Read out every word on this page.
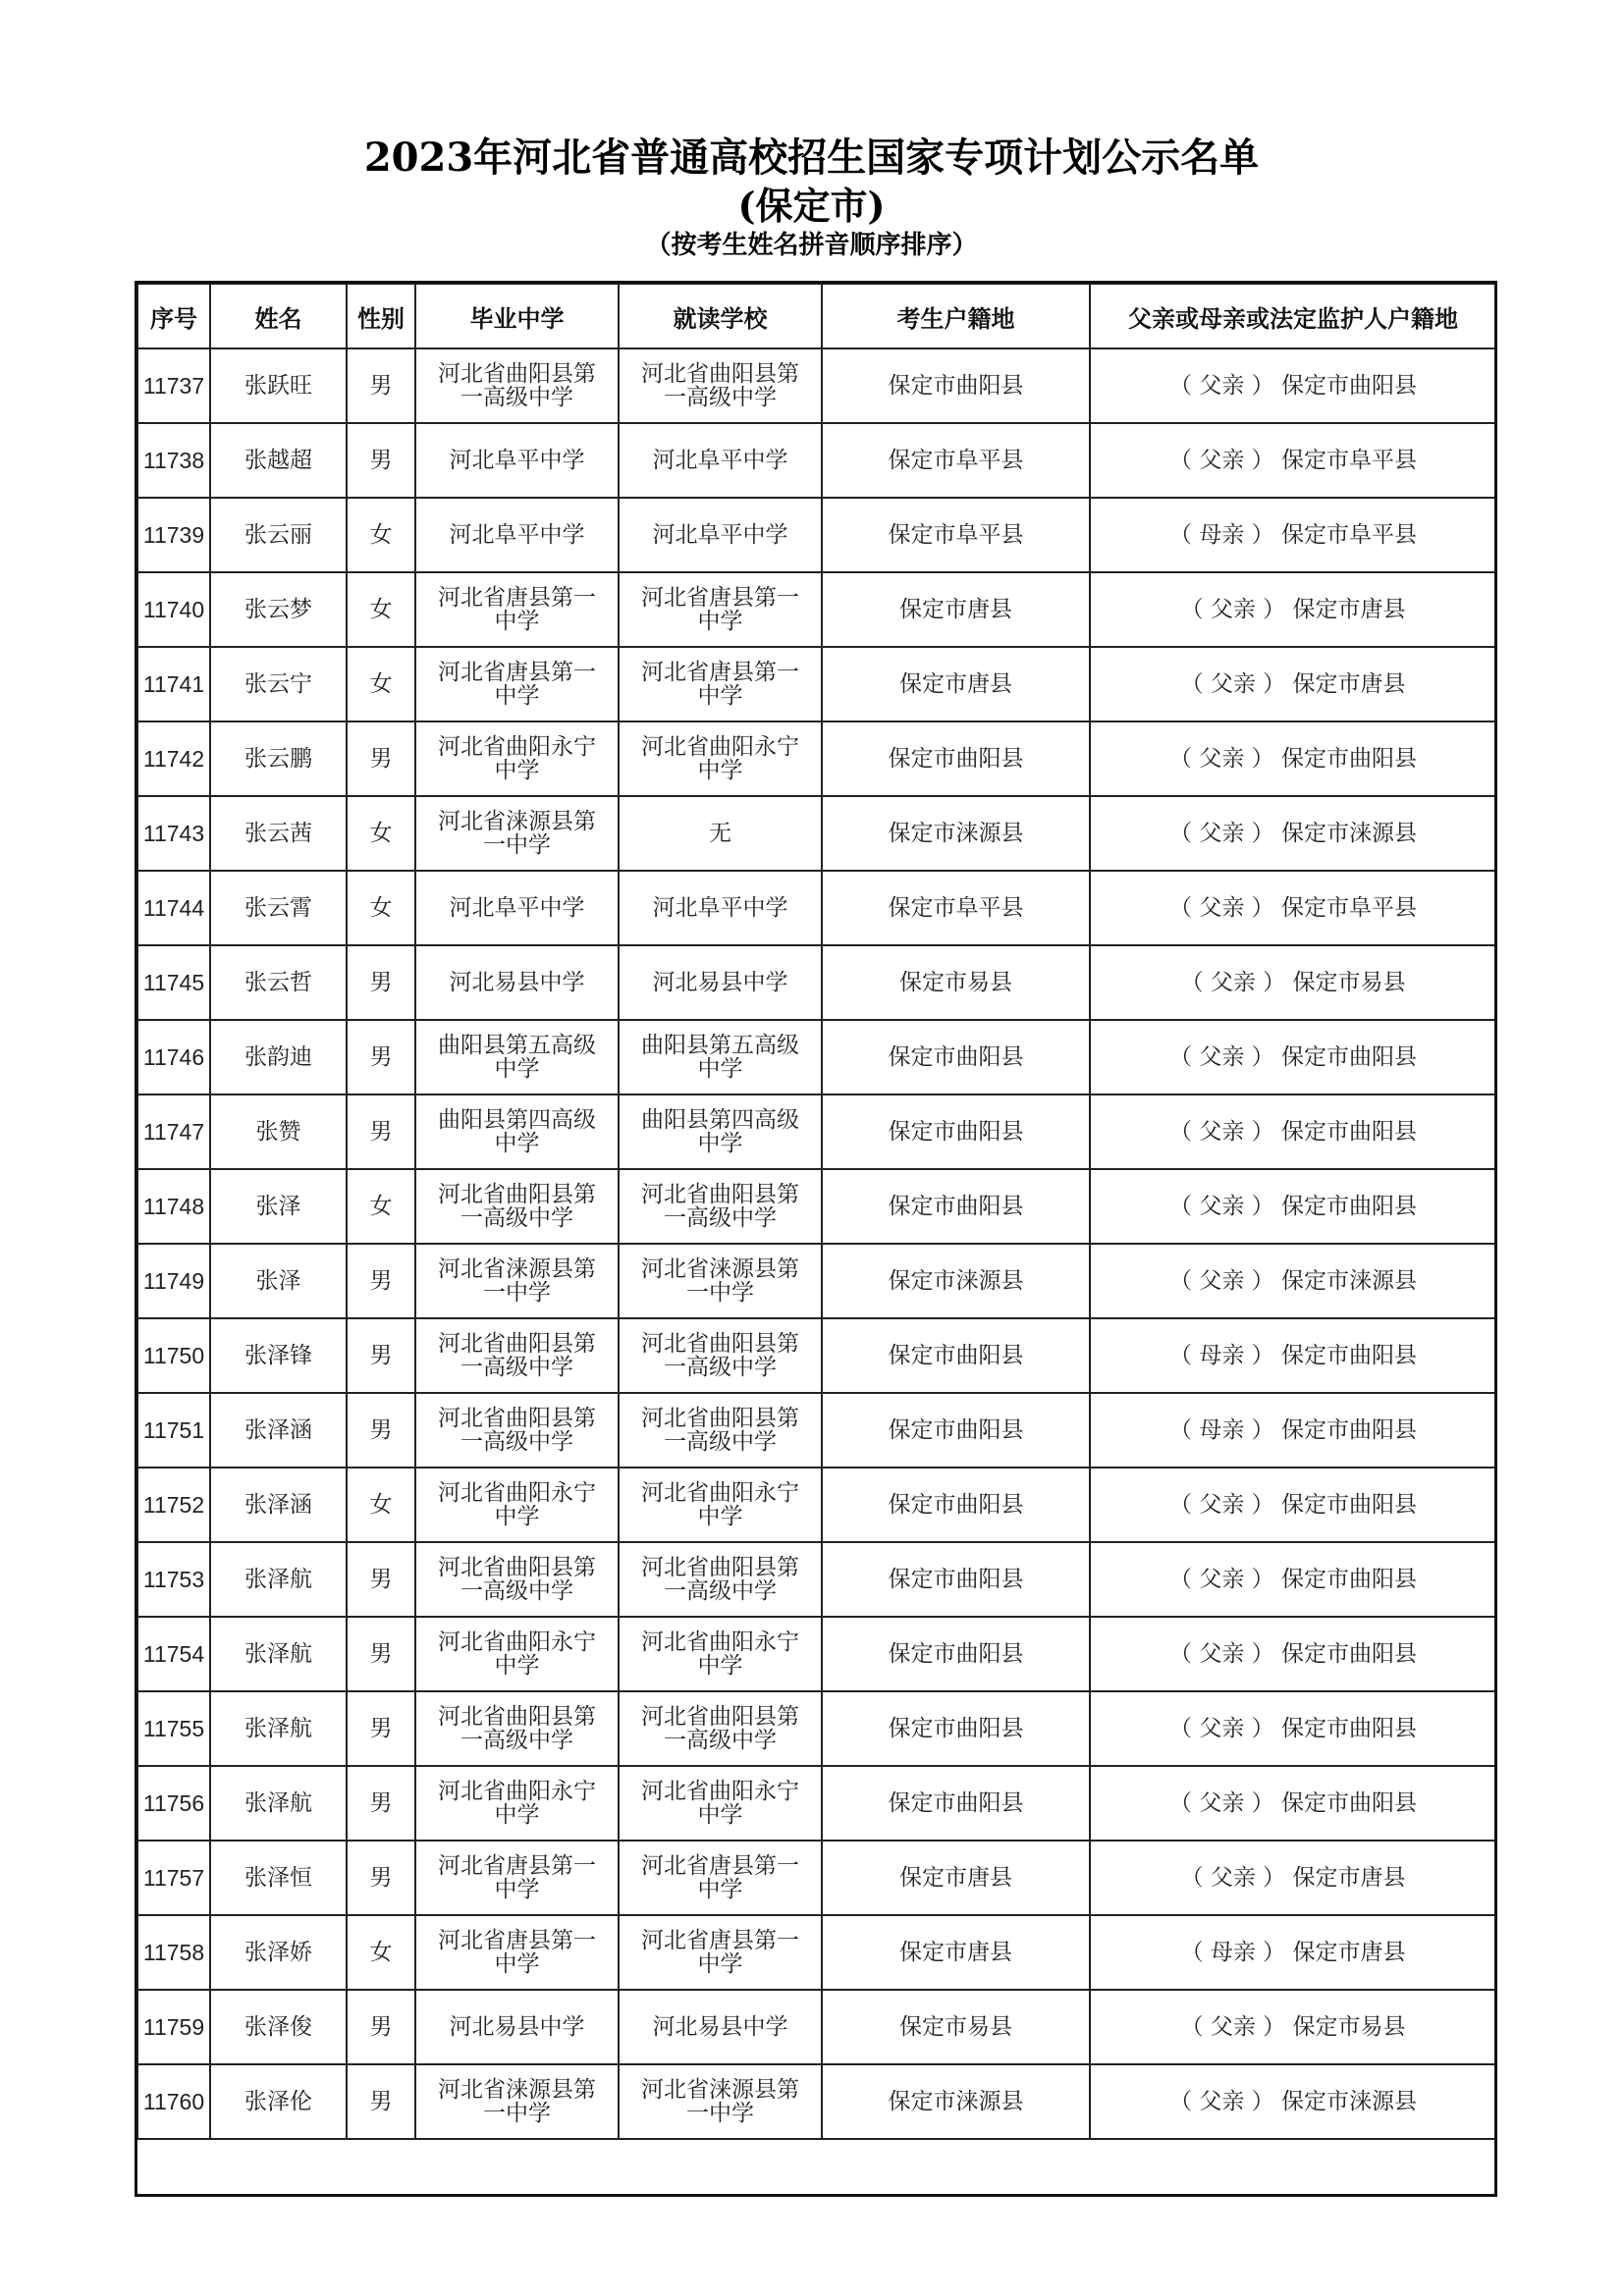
2023年河北省普通高校招生国家专项计划公示名单
(保定市)
（按考生姓名拼音顺序排序）
序号	姓名	性别	毕业中学	就读学校	考生户籍地	父亲或母亲或法定监护人户籍地
11737	张跃旺	男	河北省曲阳县第
一高级中学	河北省曲阳县第
一高级中学	保定市曲阳县	（ 父亲 ） 保定市曲阳县
11738	张越超	男	河北阜平中学	河北阜平中学	保定市阜平县	（ 父亲 ） 保定市阜平县
11739	张云丽	女	河北阜平中学	河北阜平中学	保定市阜平县	（ 母亲 ） 保定市阜平县
11740	张云梦	女	河北省唐县第一
中学	河北省唐县第一
中学	保定市唐县	（ 父亲 ） 保定市唐县
11741	张云宁	女	河北省唐县第一
中学	河北省唐县第一
中学	保定市唐县	（ 父亲 ） 保定市唐县
11742	张云鹏	男	河北省曲阳永宁
中学	河北省曲阳永宁
中学	保定市曲阳县	（ 父亲 ） 保定市曲阳县
11743	张云茜	女	河北省涞源县第
一中学	无	保定市涞源县	（ 父亲 ） 保定市涞源县
11744	张云霄	女	河北阜平中学	河北阜平中学	保定市阜平县	（ 父亲 ） 保定市阜平县
11745	张云哲	男	河北易县中学	河北易县中学	保定市易县	（ 父亲 ） 保定市易县
11746	张韵迪	男	曲阳县第五高级
中学	曲阳县第五高级
中学	保定市曲阳县	（ 父亲 ） 保定市曲阳县
11747	张赞	男	曲阳县第四高级
中学	曲阳县第四高级
中学	保定市曲阳县	（ 父亲 ） 保定市曲阳县
11748	张泽	女	河北省曲阳县第
一高级中学	河北省曲阳县第
一高级中学	保定市曲阳县	（ 父亲 ） 保定市曲阳县
11749	张泽	男	河北省涞源县第
一中学	河北省涞源县第
一中学	保定市涞源县	（ 父亲 ） 保定市涞源县
11750	张泽锋	男	河北省曲阳县第
一高级中学	河北省曲阳县第
一高级中学	保定市曲阳县	（ 母亲 ） 保定市曲阳县
11751	张泽涵	男	河北省曲阳县第
一高级中学	河北省曲阳县第
一高级中学	保定市曲阳县	（ 母亲 ） 保定市曲阳县
11752	张泽涵	女	河北省曲阳永宁
中学	河北省曲阳永宁
中学	保定市曲阳县	（ 父亲 ） 保定市曲阳县
11753	张泽航	男	河北省曲阳县第
一高级中学	河北省曲阳县第
一高级中学	保定市曲阳县	（ 父亲 ） 保定市曲阳县
11754	张泽航	男	河北省曲阳永宁
中学	河北省曲阳永宁
中学	保定市曲阳县	（ 父亲 ） 保定市曲阳县
11755	张泽航	男	河北省曲阳县第
一高级中学	河北省曲阳县第
一高级中学	保定市曲阳县	（ 父亲 ） 保定市曲阳县
11756	张泽航	男	河北省曲阳永宁
中学	河北省曲阳永宁
中学	保定市曲阳县	（ 父亲 ） 保定市曲阳县
11757	张泽恒	男	河北省唐县第一
中学	河北省唐县第一
中学	保定市唐县	（ 父亲 ） 保定市唐县
11758	张泽娇	女	河北省唐县第一
中学	河北省唐县第一
中学	保定市唐县	（ 母亲 ） 保定市唐县
11759	张泽俊	男	河北易县中学	河北易县中学	保定市易县	（ 父亲 ） 保定市易县
11760	张泽伦	男	河北省涞源县第
一中学	河北省涞源县第
一中学	保定市涞源县	（ 父亲 ） 保定市涞源县
